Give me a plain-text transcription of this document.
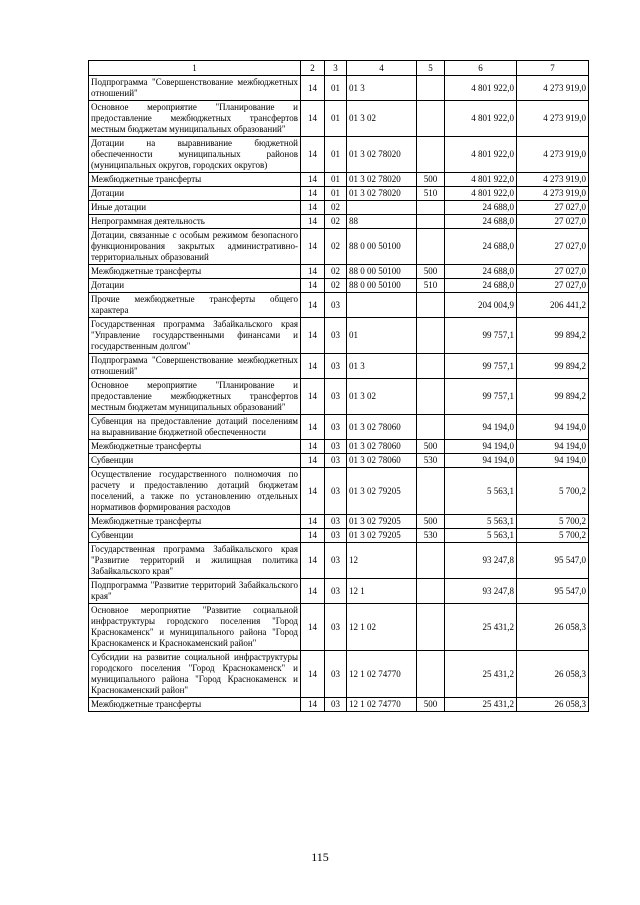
1	2	3	4	5	6	7
Подпрограмма "Совершенствование межбюджетных отношений"	14	01	01 3		4 801 922,0	4 273 919,0
Основное мероприятие "Планирование и предоставление межбюджетных трансфертов местным бюджетам муниципальных образований"	14	01	01 3 02		4 801 922,0	4 273 919,0
Дотации на выравнивание бюджетной обеспеченности муниципальных районов (муниципальных округов, городских округов)	14	01	01 3 02 78020		4 801 922,0	4 273 919,0
Межбюджетные трансферты	14	01	01 3 02 78020	500	4 801 922,0	4 273 919,0
Дотации	14	01	01 3 02 78020	510	4 801 922,0	4 273 919,0
Иные дотации	14	02			24 688,0	27 027,0
Непрограммная деятельность	14	02	88		24 688,0	27 027,0
Дотации, связанные с особым режимом безопасного функционирования закрытых административно-территориальных образований	14	02	88 0 00 50100		24 688,0	27 027,0
Межбюджетные трансферты	14	02	88 0 00 50100	500	24 688,0	27 027,0
Дотации	14	02	88 0 00 50100	510	24 688,0	27 027,0
Прочие межбюджетные трансферты общего характера	14	03			204 004,9	206 441,2
Государственная программа Забайкальского края "Управление государственными финансами и государственным долгом"	14	03	01		99 757,1	99 894,2
Подпрограмма "Совершенствование межбюджетных отношений"	14	03	01 3		99 757,1	99 894,2
Основное мероприятие "Планирование и предоставление межбюджетных трансфертов местным бюджетам муниципальных образований"	14	03	01 3 02		99 757,1	99 894,2
Субвенция на предоставление дотаций поселениям на выравнивание бюджетной обеспеченности	14	03	01 3 02 78060		94 194,0	94 194,0
Межбюджетные трансферты	14	03	01 3 02 78060	500	94 194,0	94 194,0
Субвенции	14	03	01 3 02 78060	530	94 194,0	94 194,0
Осуществление государственного полномочия по расчету и предоставлению дотаций бюджетам поселений, а также по установлению отдельных нормативов формирования расходов	14	03	01 3 02 79205		5 563,1	5 700,2
Межбюджетные трансферты	14	03	01 3 02 79205	500	5 563,1	5 700,2
Субвенции	14	03	01 3 02 79205	530	5 563,1	5 700,2
Государственная программа Забайкальского края "Развитие территорий и жилищная политика Забайкальского края"	14	03	12		93 247,8	95 547,0
Подпрограмма "Развитие территорий Забайкальского края"	14	03	12 1		93 247,8	95 547,0
Основное мероприятие "Развитие социальной инфраструктуры городского поселения "Город Краснокаменск" и муниципального района "Город Краснокаменск и Краснокаменский район"	14	03	12 1 02		25 431,2	26 058,3
Субсидии на развитие социальной инфраструктуры городского поселения "Город Краснокаменск" и муниципального района "Город Краснокаменск и Краснокаменский район"	14	03	12 1 02 74770		25 431,2	26 058,3
Межбюджетные трансферты	14	03	12 1 02 74770	500	25 431,2	26 058,3
115
